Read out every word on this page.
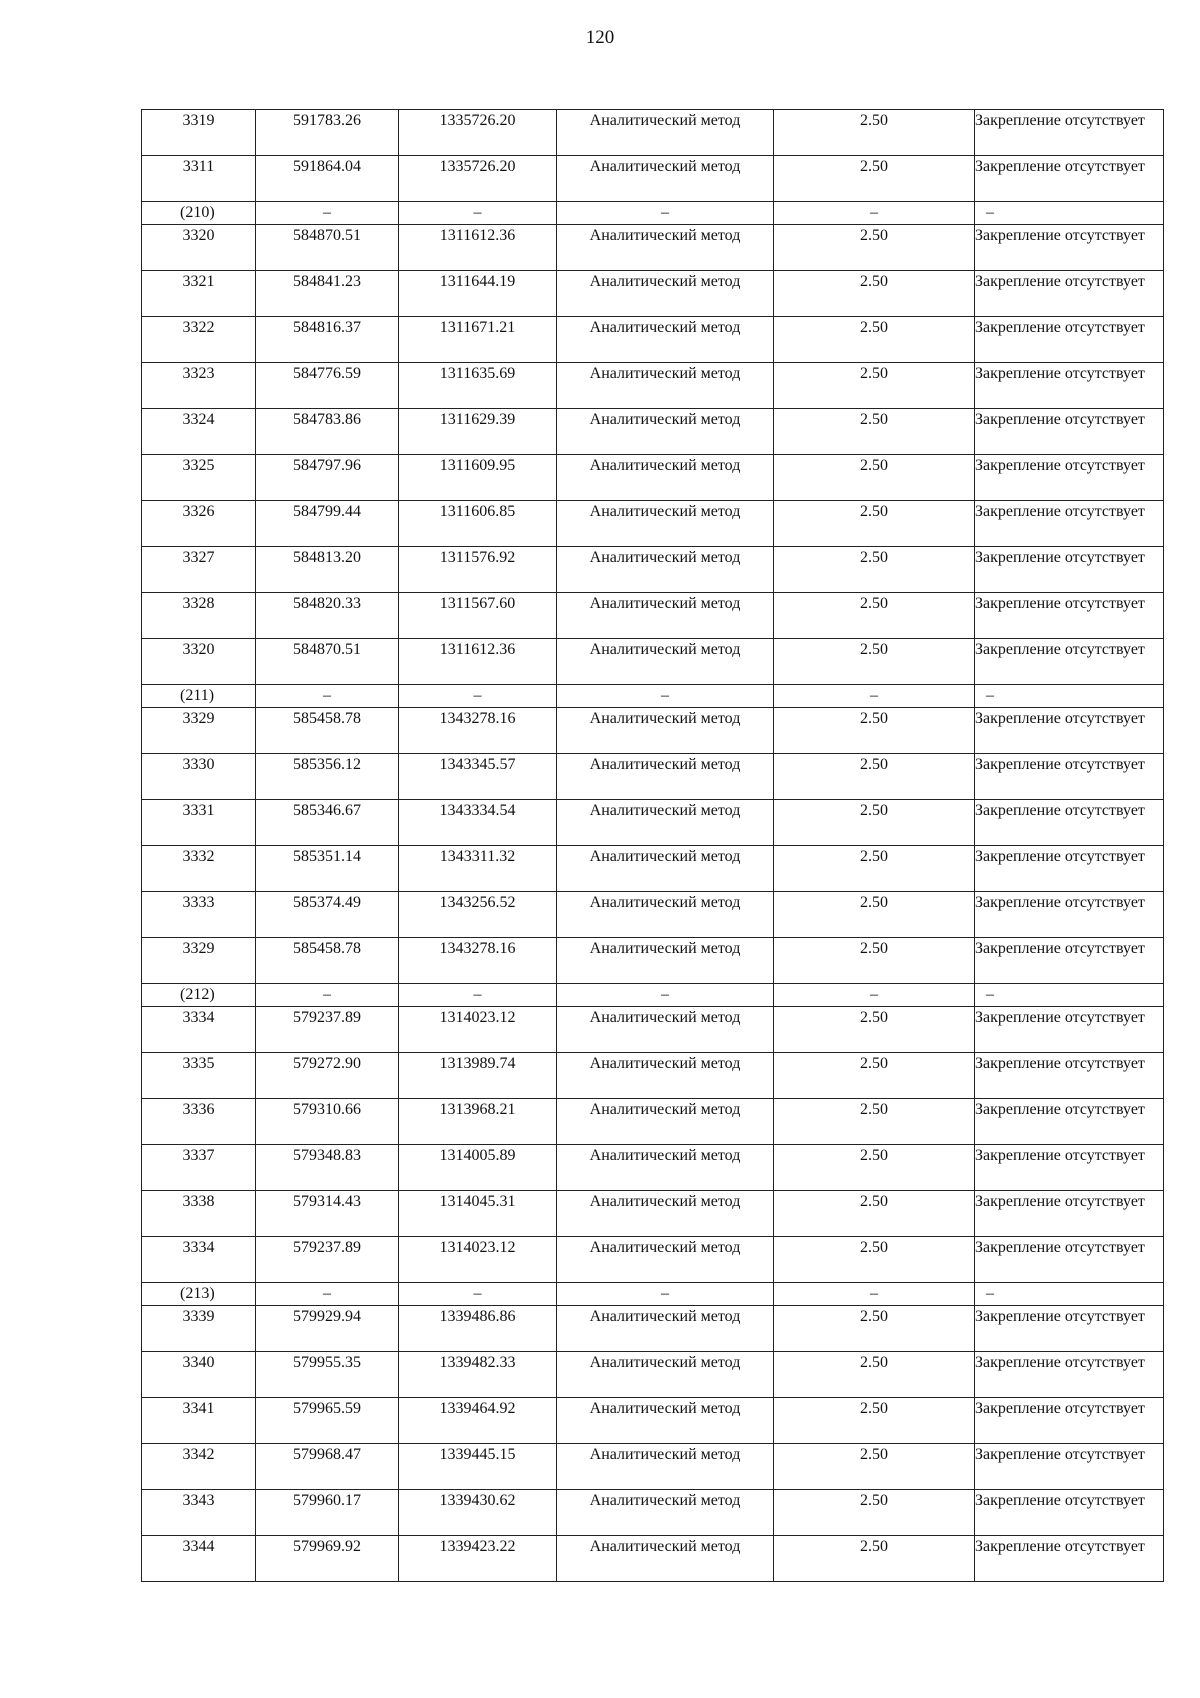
120
3319	591783.26	1335726.20	Аналитический метод	2.50	Закрепление отсутствует
3311	591864.04	1335726.20	Аналитический метод	2.50	Закрепление отсутствует
(210)	–	–	–	–	–
3320	584870.51	1311612.36	Аналитический метод	2.50	Закрепление отсутствует
3321	584841.23	1311644.19	Аналитический метод	2.50	Закрепление отсутствует
3322	584816.37	1311671.21	Аналитический метод	2.50	Закрепление отсутствует
3323	584776.59	1311635.69	Аналитический метод	2.50	Закрепление отсутствует
3324	584783.86	1311629.39	Аналитический метод	2.50	Закрепление отсутствует
3325	584797.96	1311609.95	Аналитический метод	2.50	Закрепление отсутствует
3326	584799.44	1311606.85	Аналитический метод	2.50	Закрепление отсутствует
3327	584813.20	1311576.92	Аналитический метод	2.50	Закрепление отсутствует
3328	584820.33	1311567.60	Аналитический метод	2.50	Закрепление отсутствует
3320	584870.51	1311612.36	Аналитический метод	2.50	Закрепление отсутствует
(211)	–	–	–	–	–
3329	585458.78	1343278.16	Аналитический метод	2.50	Закрепление отсутствует
3330	585356.12	1343345.57	Аналитический метод	2.50	Закрепление отсутствует
3331	585346.67	1343334.54	Аналитический метод	2.50	Закрепление отсутствует
3332	585351.14	1343311.32	Аналитический метод	2.50	Закрепление отсутствует
3333	585374.49	1343256.52	Аналитический метод	2.50	Закрепление отсутствует
3329	585458.78	1343278.16	Аналитический метод	2.50	Закрепление отсутствует
(212)	–	–	–	–	–
3334	579237.89	1314023.12	Аналитический метод	2.50	Закрепление отсутствует
3335	579272.90	1313989.74	Аналитический метод	2.50	Закрепление отсутствует
3336	579310.66	1313968.21	Аналитический метод	2.50	Закрепление отсутствует
3337	579348.83	1314005.89	Аналитический метод	2.50	Закрепление отсутствует
3338	579314.43	1314045.31	Аналитический метод	2.50	Закрепление отсутствует
3334	579237.89	1314023.12	Аналитический метод	2.50	Закрепление отсутствует
(213)	–	–	–	–	–
3339	579929.94	1339486.86	Аналитический метод	2.50	Закрепление отсутствует
3340	579955.35	1339482.33	Аналитический метод	2.50	Закрепление отсутствует
3341	579965.59	1339464.92	Аналитический метод	2.50	Закрепление отсутствует
3342	579968.47	1339445.15	Аналитический метод	2.50	Закрепление отсутствует
3343	579960.17	1339430.62	Аналитический метод	2.50	Закрепление отсутствует
3344	579969.92	1339423.22	Аналитический метод	2.50	Закрепление отсутствует
